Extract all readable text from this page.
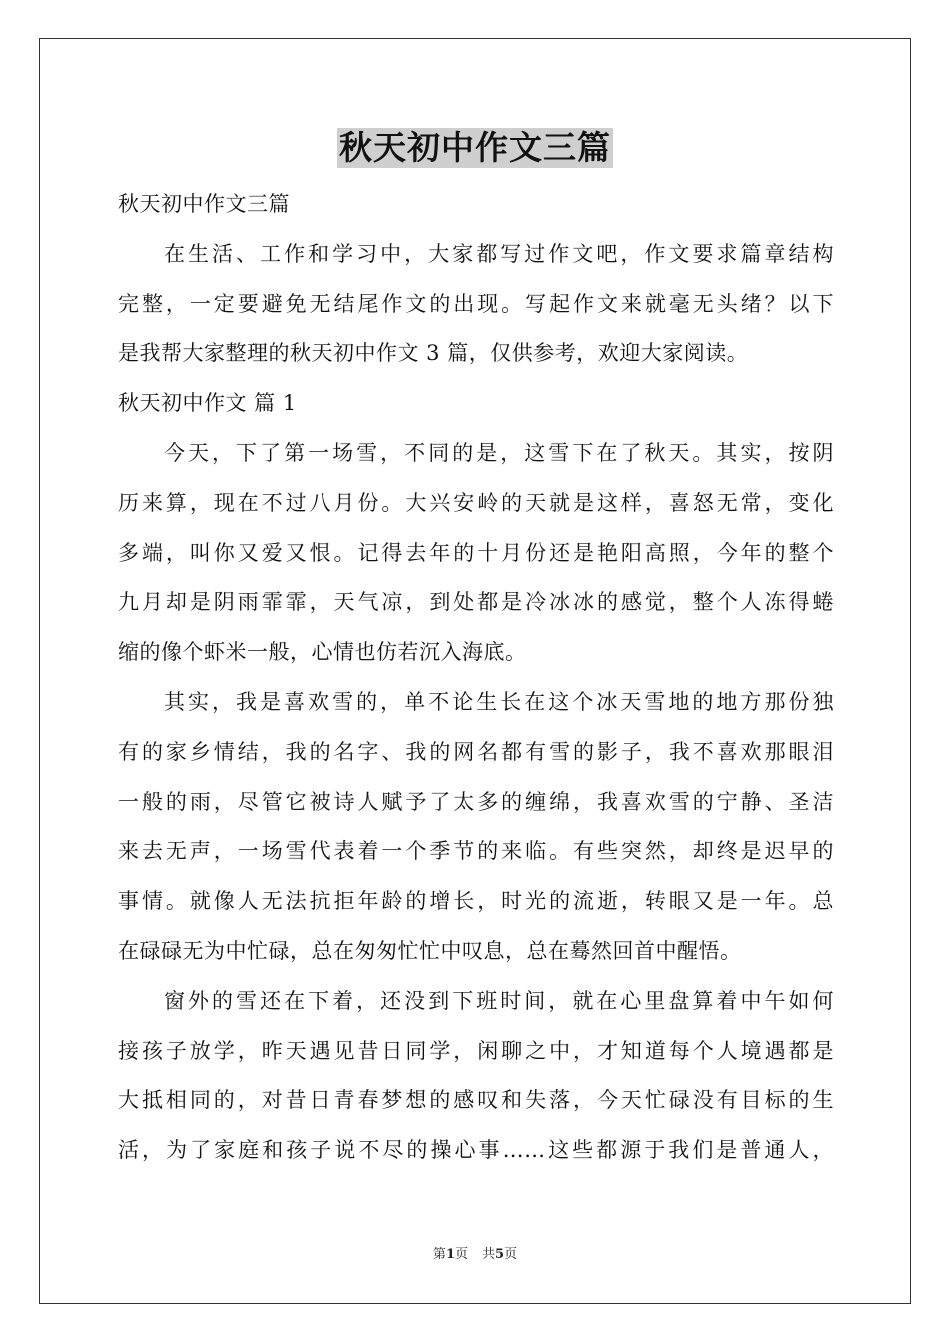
秋天初中作文三篇
秋天初中作文三篇
在生活、工作和学习中，大家都写过作文吧，作文要求篇章结构
完整，一定要避免无结尾作文的出现。写起作文来就毫无头绪？以下
是我帮大家整理的秋天初中作文 3 篇，仅供参考，欢迎大家阅读。
秋天初中作文 篇 1
今天，下了第一场雪，不同的是，这雪下在了秋天。其实，按阴
历来算，现在不过八月份。大兴安岭的天就是这样，喜怒无常，变化
多端，叫你又爱又恨。记得去年的十月份还是艳阳高照，今年的整个
九月却是阴雨霏霏，天气凉，到处都是冷冰冰的感觉，整个人冻得蜷
缩的像个虾米一般，心情也仿若沉入海底。
其实，我是喜欢雪的，单不论生长在这个冰天雪地的地方那份独
有的家乡情结，我的名字、我的网名都有雪的影子，我不喜欢那眼泪
一般的雨，尽管它被诗人赋予了太多的缠绵，我喜欢雪的宁静、圣洁
来去无声，一场雪代表着一个季节的来临。有些突然，却终是迟早的
事情。就像人无法抗拒年龄的增长，时光的流逝，转眼又是一年。总
在碌碌无为中忙碌，总在匆匆忙忙中叹息，总在蓦然回首中醒悟。
窗外的雪还在下着，还没到下班时间，就在心里盘算着中午如何
接孩子放学，昨天遇见昔日同学，闲聊之中，才知道每个人境遇都是
大抵相同的，对昔日青春梦想的感叹和失落，今天忙碌没有目标的生
活，为了家庭和孩子说不尽的操心事……这些都源于我们是普通人，
第1页 共5页
